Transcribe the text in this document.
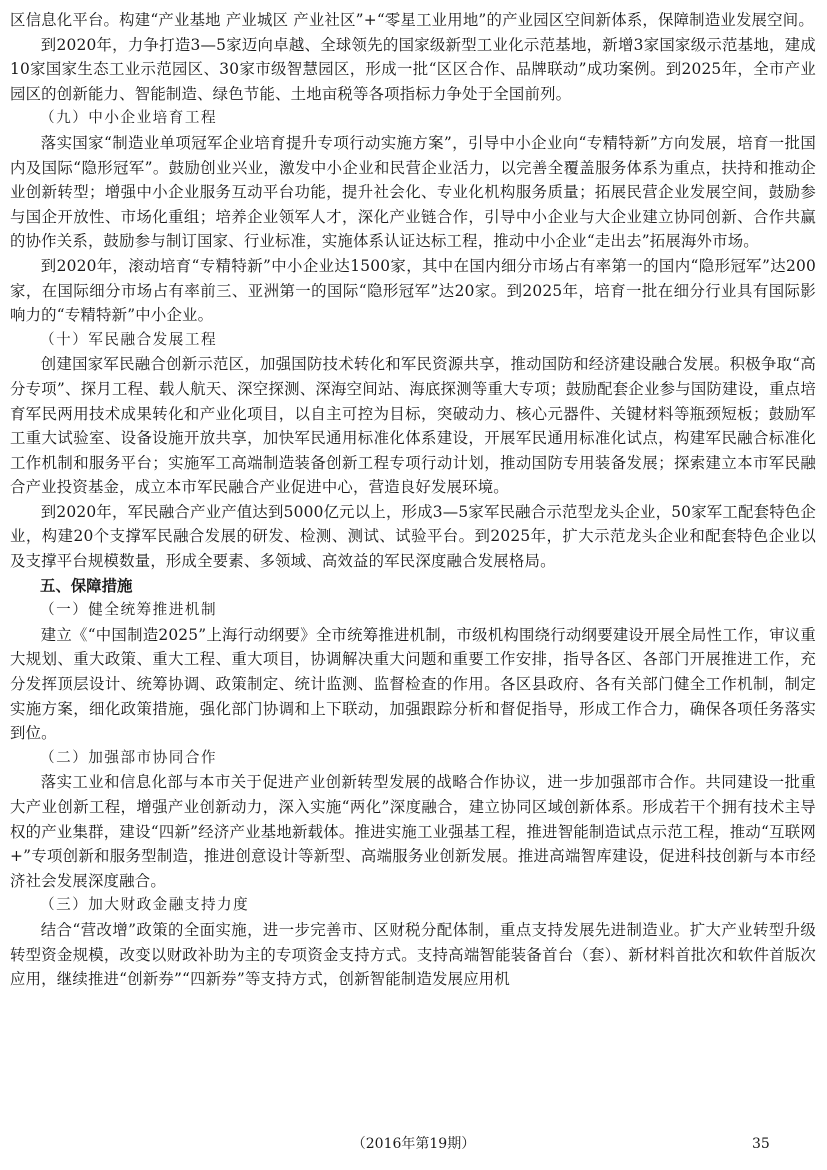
区信息化平台。构建“产业基地 产业城区 产业社区”+“零星工业用地”的产业园区空间新体系，保障制造业发展空间。

到2020年，力争打造3—5家迈向卓越、全球领先的国家级新型工业化示范基地，新增3家国家级示范基地，建成10家国家生态工业示范园区、30家市级智慧园区，形成一批“区区合作、品牌联动”成功案例。到2025年，全市产业园区的创新能力、智能制造、绿色节能、土地亩税等各项指标力争处于全国前列。

（九）中小企业培育工程

落实国家“制造业单项冠军企业培育提升专项行动实施方案”，引导中小企业向“专精特新”方向发展，培育一批国内及国际“隐形冠军”。鼓励创业兴业，激发中小企业和民营企业活力，以完善全覆盖服务体系为重点，扶持和推动企业创新转型；增强中小企业服务互动平台功能，提升社会化、专业化机构服务质量；拓展民营企业发展空间，鼓励参与国企开放性、市场化重组；培养企业领军人才，深化产业链合作，引导中小企业与大企业建立协同创新、合作共赢的协作关系，鼓励参与制订国家、行业标准，实施体系认证达标工程，推动中小企业“走出去”拓展海外市场。

到2020年，滚动培育“专精特新”中小企业达1500家，其中在国内细分市场占有率第一的国内“隐形冠军”达200家，在国际细分市场占有率前三、亚洲第一的国际“隐形冠军”达20家。到2025年，培育一批在细分行业具有国际影响力的“专精特新”中小企业。

（十）军民融合发展工程

创建国家军民融合创新示范区，加强国防技术转化和军民资源共享，推动国防和经济建设融合发展。积极争取“高分专项”、探月工程、载人航天、深空探测、深海空间站、海底探测等重大专项；鼓励配套企业参与国防建设，重点培育军民两用技术成果转化和产业化项目，以自主可控为目标，突破动力、核心元器件、关键材料等瓶颈短板；鼓励军工重大试验室、设备设施开放共享，加快军民通用标准化体系建设，开展军民通用标准化试点，构建军民融合标准化工作机制和服务平台；实施军工高端制造装备创新工程专项行动计划，推动国防专用装备发展；探索建立本市军民融合产业投资基金，成立本市军民融合产业促进中心，营造良好发展环境。

到2020年，军民融合产业产值达到5000亿元以上，形成3—5家军民融合示范型龙头企业，50家军工配套特色企业，构建20个支撑军民融合发展的研发、检测、测试、试验平台。到2025年，扩大示范龙头企业和配套特色企业以及支撑平台规模数量，形成全要素、多领域、高效益的军民深度融合发展格局。

五、保障措施

（一）健全统筹推进机制

建立《“中国制造2025”上海行动纲要》全市统筹推进机制，市级机构围绕行动纲要建设开展全局性工作，审议重大规划、重大政策、重大工程、重大项目，协调解决重大问题和重要工作安排，指导各区、各部门开展推进工作，充分发挥顶层设计、统筹协调、政策制定、统计监测、监督检查的作用。各区县政府、各有关部门健全工作机制，制定实施方案，细化政策措施，强化部门协调和上下联动，加强跟踪分析和督促指导，形成工作合力，确保各项任务落实到位。

（二）加强部市协同合作

落实工业和信息化部与本市关于促进产业创新转型发展的战略合作协议，进一步加强部市合作。共同建设一批重大产业创新工程，增强产业创新动力，深入实施“两化”深度融合，建立协同区域创新体系。形成若干个拥有技术主导权的产业集群，建设“四新”经济产业基地新载体。推进实施工业强基工程，推进智能制造试点示范工程，推动“互联网+”专项创新和服务型制造，推进创意设计等新型、高端服务业创新发展。推进高端智库建设，促进科技创新与本市经济社会发展深度融合。

（三）加大财政金融支持力度

结合“营改增”政策的全面实施，进一步完善市、区财税分配体制，重点支持发展先进制造业。扩大产业转型升级转型资金规模，改变以财政补助为主的专项资金支持方式。支持高端智能装备首台（套）、新材料首批次和软件首版次应用，继续推进“创新券”“四新券”等支持方式，创新智能制造发展应用机

（2016年第19期）	35
